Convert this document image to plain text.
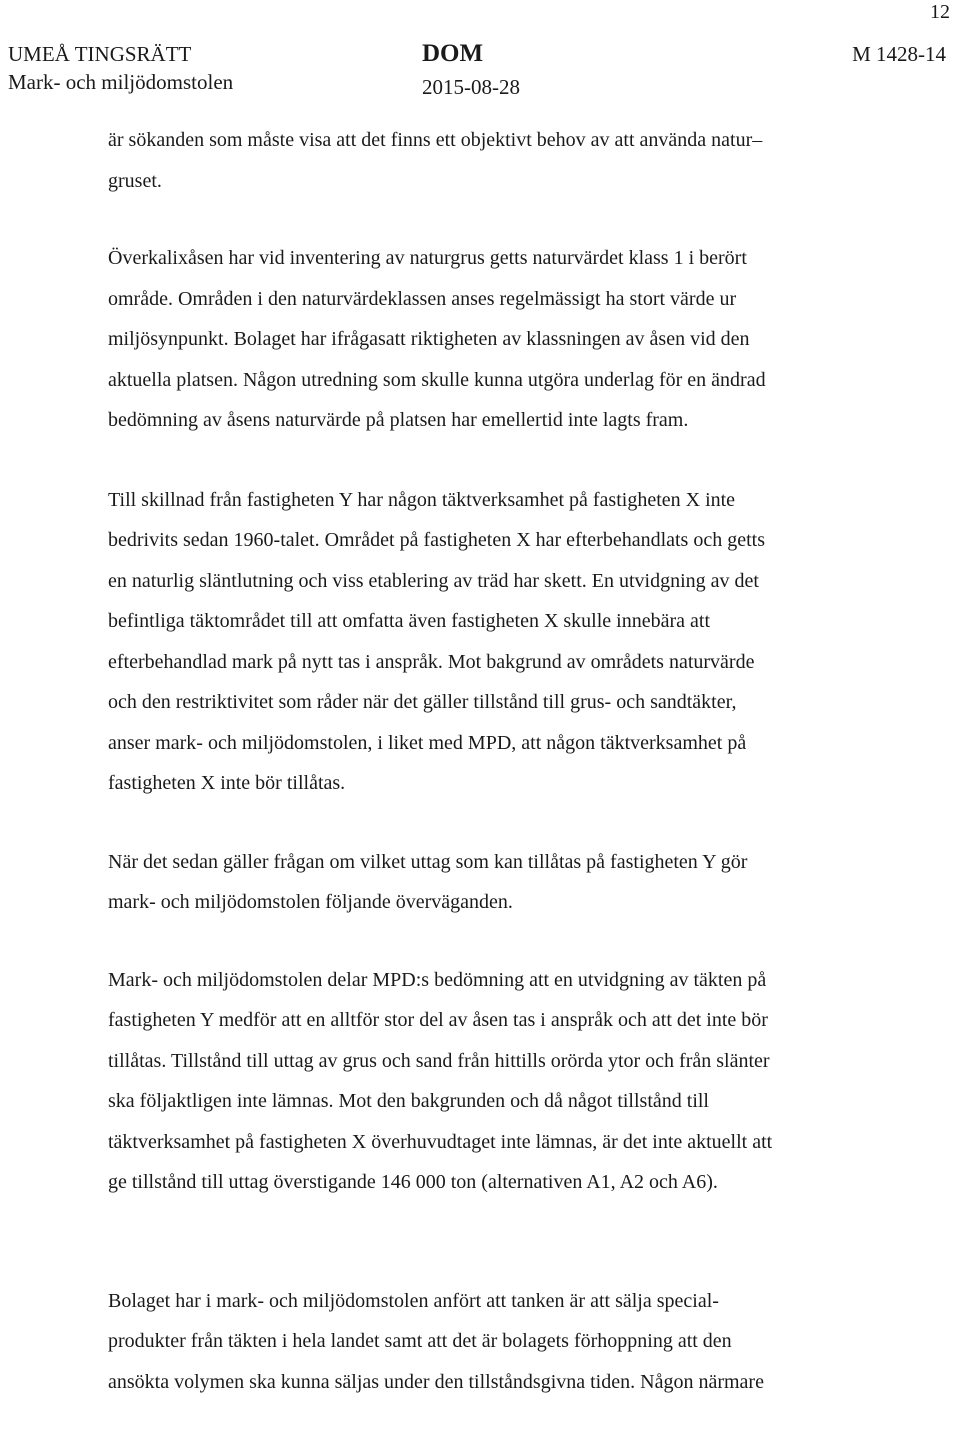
12
UMEÅ TINGSRÄTT
Mark- och miljödomstolen
DOM
2015-08-28
M 1428-14

är sökanden som måste visa att det finns ett objektivt behov av att använda natur–
gruset.

Överkalixåsen har vid inventering av naturgrus getts naturvärdet klass 1 i berört
område. Områden i den naturvärdeklassen anses regelmässigt ha stort värde ur
miljösynpunkt. Bolaget har ifrågasatt riktigheten av klassningen av åsen vid den
aktuella platsen. Någon utredning som skulle kunna utgöra underlag för en ändrad
bedömning av åsens naturvärde på platsen har emellertid inte lagts fram.

Till skillnad från fastigheten Y har någon täktverksamhet på fastigheten X inte
bedrivits sedan 1960-talet. Området på fastigheten X har efterbehandlats och getts
en naturlig släntlutning och viss etablering av träd har skett. En utvidgning av det
befintliga täktområdet till att omfatta även fastigheten X skulle innebära att
efterbehandlad mark på nytt tas i anspråk. Mot bakgrund av områdets naturvärde
och den restriktivitet som råder när det gäller tillstånd till grus- och sandtäkter,
anser mark- och miljödomstolen, i liket med MPD, att någon täktverksamhet på
fastigheten X inte bör tillåtas.

När det sedan gäller frågan om vilket uttag som kan tillåtas på fastigheten Y gör
mark- och miljödomstolen följande överväganden.

Mark- och miljödomstolen delar MPD:s bedömning att en utvidgning av täkten på
fastigheten Y medför att en alltför stor del av åsen tas i anspråk och att det inte bör
tillåtas. Tillstånd till uttag av grus och sand från hittills orörda ytor och från slänter
ska följaktligen inte lämnas. Mot den bakgrunden och då något tillstånd till
täktverksamhet på fastigheten X överhuvudtaget inte lämnas, är det inte aktuellt att
ge tillstånd till uttag överstigande 146 000 ton (alternativen A1, A2 och A6).

Bolaget har i mark- och miljödomstolen anfört att tanken är att sälja special-
produkter från täkten i hela landet samt att det är bolagets förhoppning att den
ansökta volymen ska kunna säljas under den tillståndsgivna tiden. Någon närmare
